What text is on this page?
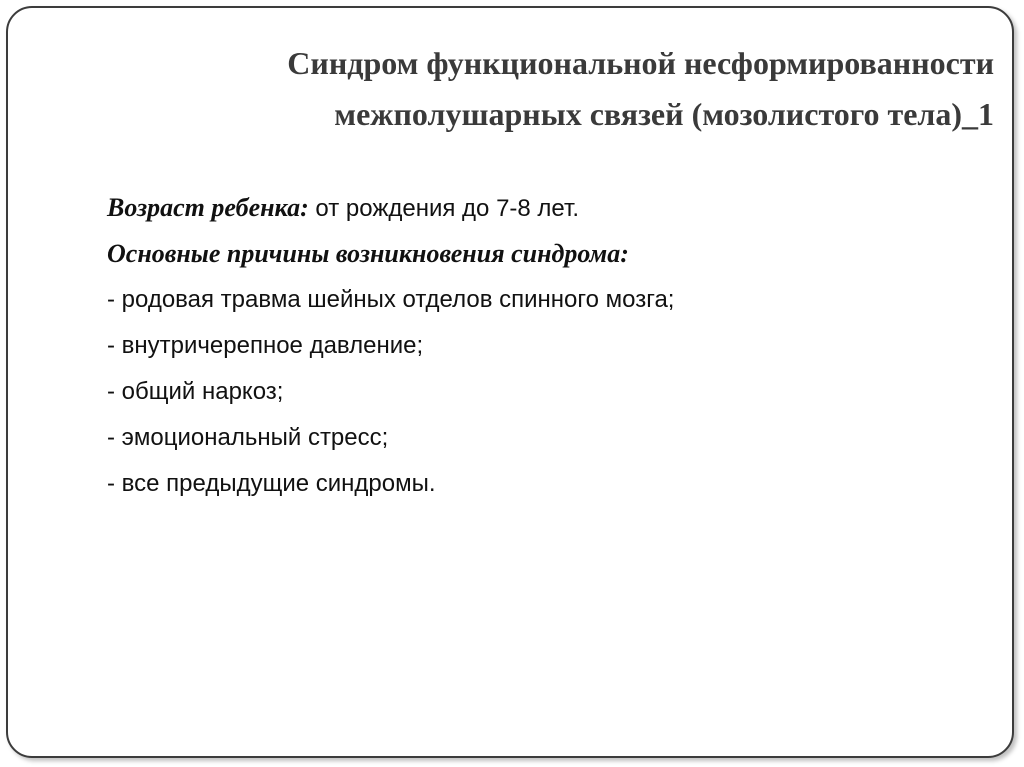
Синдром функциональной несформированности
межполушарных связей (мозолистого тела)_1
Возраст ребенка: от рождения до 7-8 лет.
Основные причины возникновения синдрома:
- родовая травма шейных отделов спинного мозга;
- внутричерепное давление;
- общий наркоз;
- эмоциональный стресс;
- все предыдущие синдромы.
